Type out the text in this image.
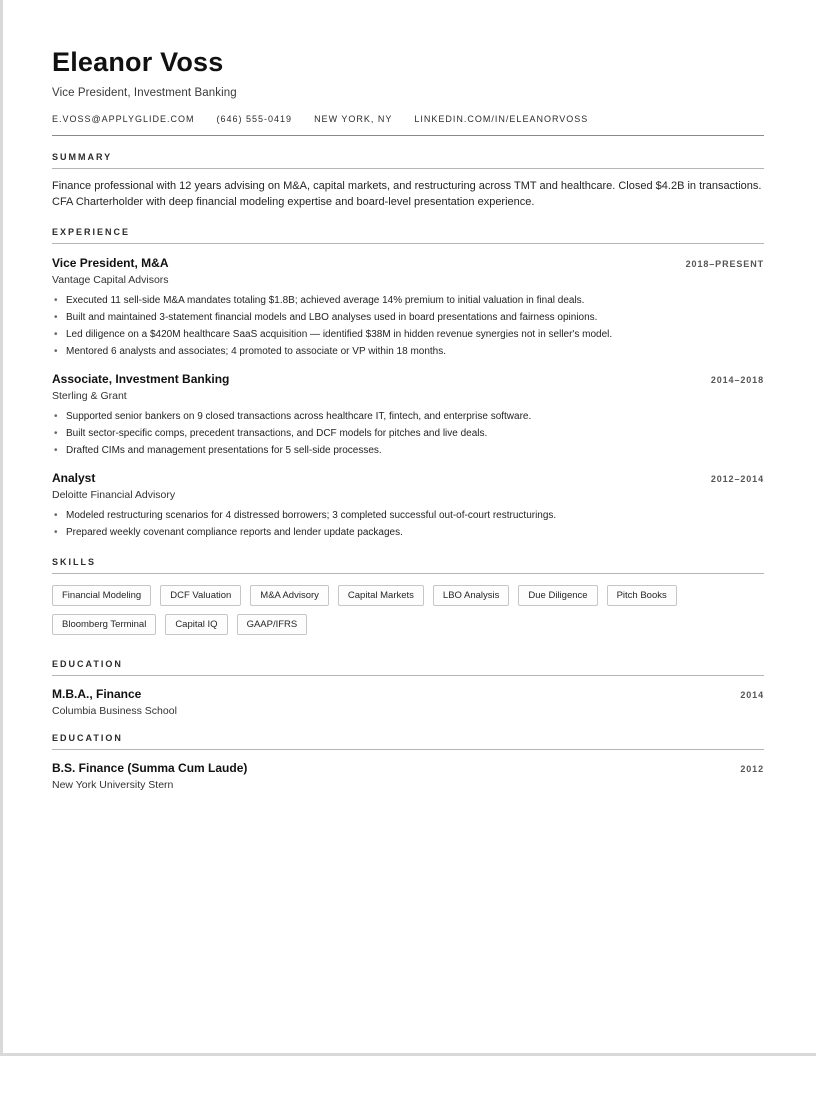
Eleanor Voss
Vice President, Investment Banking
E.VOSS@APPLYGLIDE.COM (646) 555-0419 NEW YORK, NY LINKEDIN.COM/IN/ELEANORVOSS
SUMMARY
Finance professional with 12 years advising on M&A, capital markets, and restructuring across TMT and healthcare. Closed $4.2B in transactions. CFA Charterholder with deep financial modeling expertise and board-level presentation experience.
EXPERIENCE
Vice President, M&A	2018–PRESENT
Vantage Capital Advisors
• Executed 11 sell-side M&A mandates totaling $1.8B; achieved average 14% premium to initial valuation in final deals.
• Built and maintained 3-statement financial models and LBO analyses used in board presentations and fairness opinions.
• Led diligence on a $420M healthcare SaaS acquisition — identified $38M in hidden revenue synergies not in seller's model.
• Mentored 6 analysts and associates; 4 promoted to associate or VP within 18 months.
Associate, Investment Banking	2014–2018
Sterling & Grant
• Supported senior bankers on 9 closed transactions across healthcare IT, fintech, and enterprise software.
• Built sector-specific comps, precedent transactions, and DCF models for pitches and live deals.
• Drafted CIMs and management presentations for 5 sell-side processes.
Analyst	2012–2014
Deloitte Financial Advisory
• Modeled restructuring scenarios for 4 distressed borrowers; 3 completed successful out-of-court restructurings.
• Prepared weekly covenant compliance reports and lender update packages.
SKILLS
Financial Modeling	DCF Valuation	M&A Advisory	Capital Markets	LBO Analysis	Due Diligence	Pitch Books
Bloomberg Terminal	Capital IQ	GAAP/IFRS
EDUCATION
M.B.A., Finance	2014
Columbia Business School
EDUCATION
B.S. Finance (Summa Cum Laude)	2012
New York University Stern
